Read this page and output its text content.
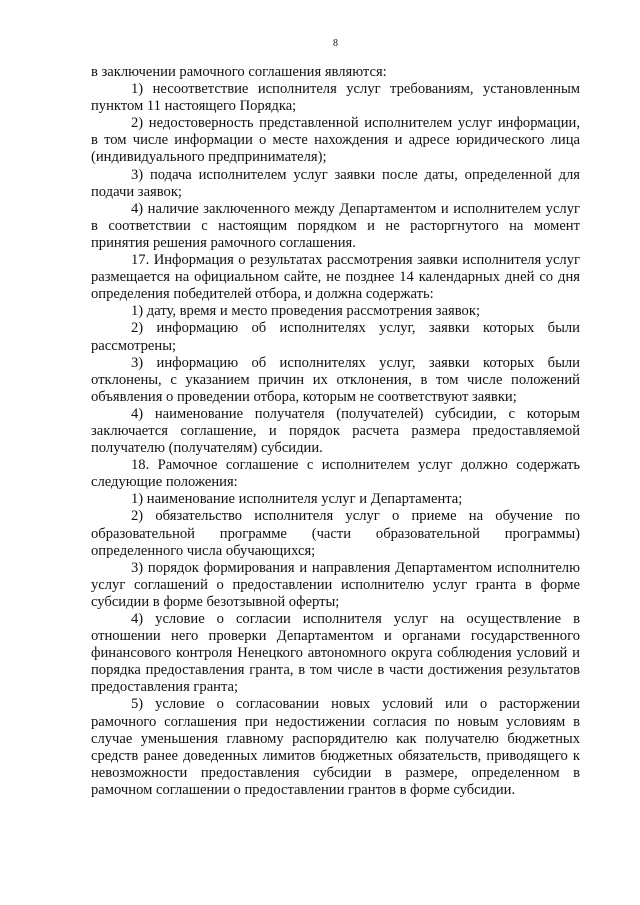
8

в заключении рамочного соглашения являются:

1) несоответствие исполнителя услуг требованиям, установленным пунктом 11 настоящего Порядка;

2) недостоверность представленной исполнителем услуг информации, в том числе информации о месте нахождения и адресе юридического лица (индивидуального предпринимателя);

3) подача исполнителем услуг заявки после даты, определенной для подачи заявок;

4) наличие заключенного между Департаментом и исполнителем услуг в соответствии с настоящим порядком и не расторгнутого на момент принятия решения рамочного соглашения.

17. Информация о результатах рассмотрения заявки исполнителя услуг размещается на официальном сайте, не позднее 14 календарных дней со дня определения победителей отбора, и должна содержать:

1) дату, время и место проведения рассмотрения заявок;

2) информацию об исполнителях услуг, заявки которых были рассмотрены;

3) информацию об исполнителях услуг, заявки которых были отклонены, с указанием причин их отклонения, в том числе положений объявления о проведении отбора, которым не соответствуют заявки;

4) наименование получателя (получателей) субсидии, с которым заключается соглашение, и порядок расчета размера предоставляемой получателю (получателям) субсидии.

18. Рамочное соглашение с исполнителем услуг должно содержать следующие положения:

1) наименование исполнителя услуг и Департамента;

2) обязательство исполнителя услуг о приеме на обучение по образовательной программе (части образовательной программы) определенного числа обучающихся;

3) порядок формирования и направления Департаментом исполнителю услуг соглашений о предоставлении исполнителю услуг гранта в форме субсидии в форме безотзывной оферты;

4) условие о согласии исполнителя услуг на осуществление в отношении него проверки Департаментом и органами государственного финансового контроля Ненецкого автономного округа соблюдения условий и порядка предоставления гранта, в том числе в части достижения результатов предоставления гранта;

5) условие о согласовании новых условий или о расторжении рамочного соглашения при недостижении согласия по новым условиям в случае уменьшения главному распорядителю как получателю бюджетных средств ранее доведенных лимитов бюджетных обязательств, приводящего к невозможности предоставления субсидии в размере, определенном в рамочном соглашении о предоставлении грантов в форме субсидии.
